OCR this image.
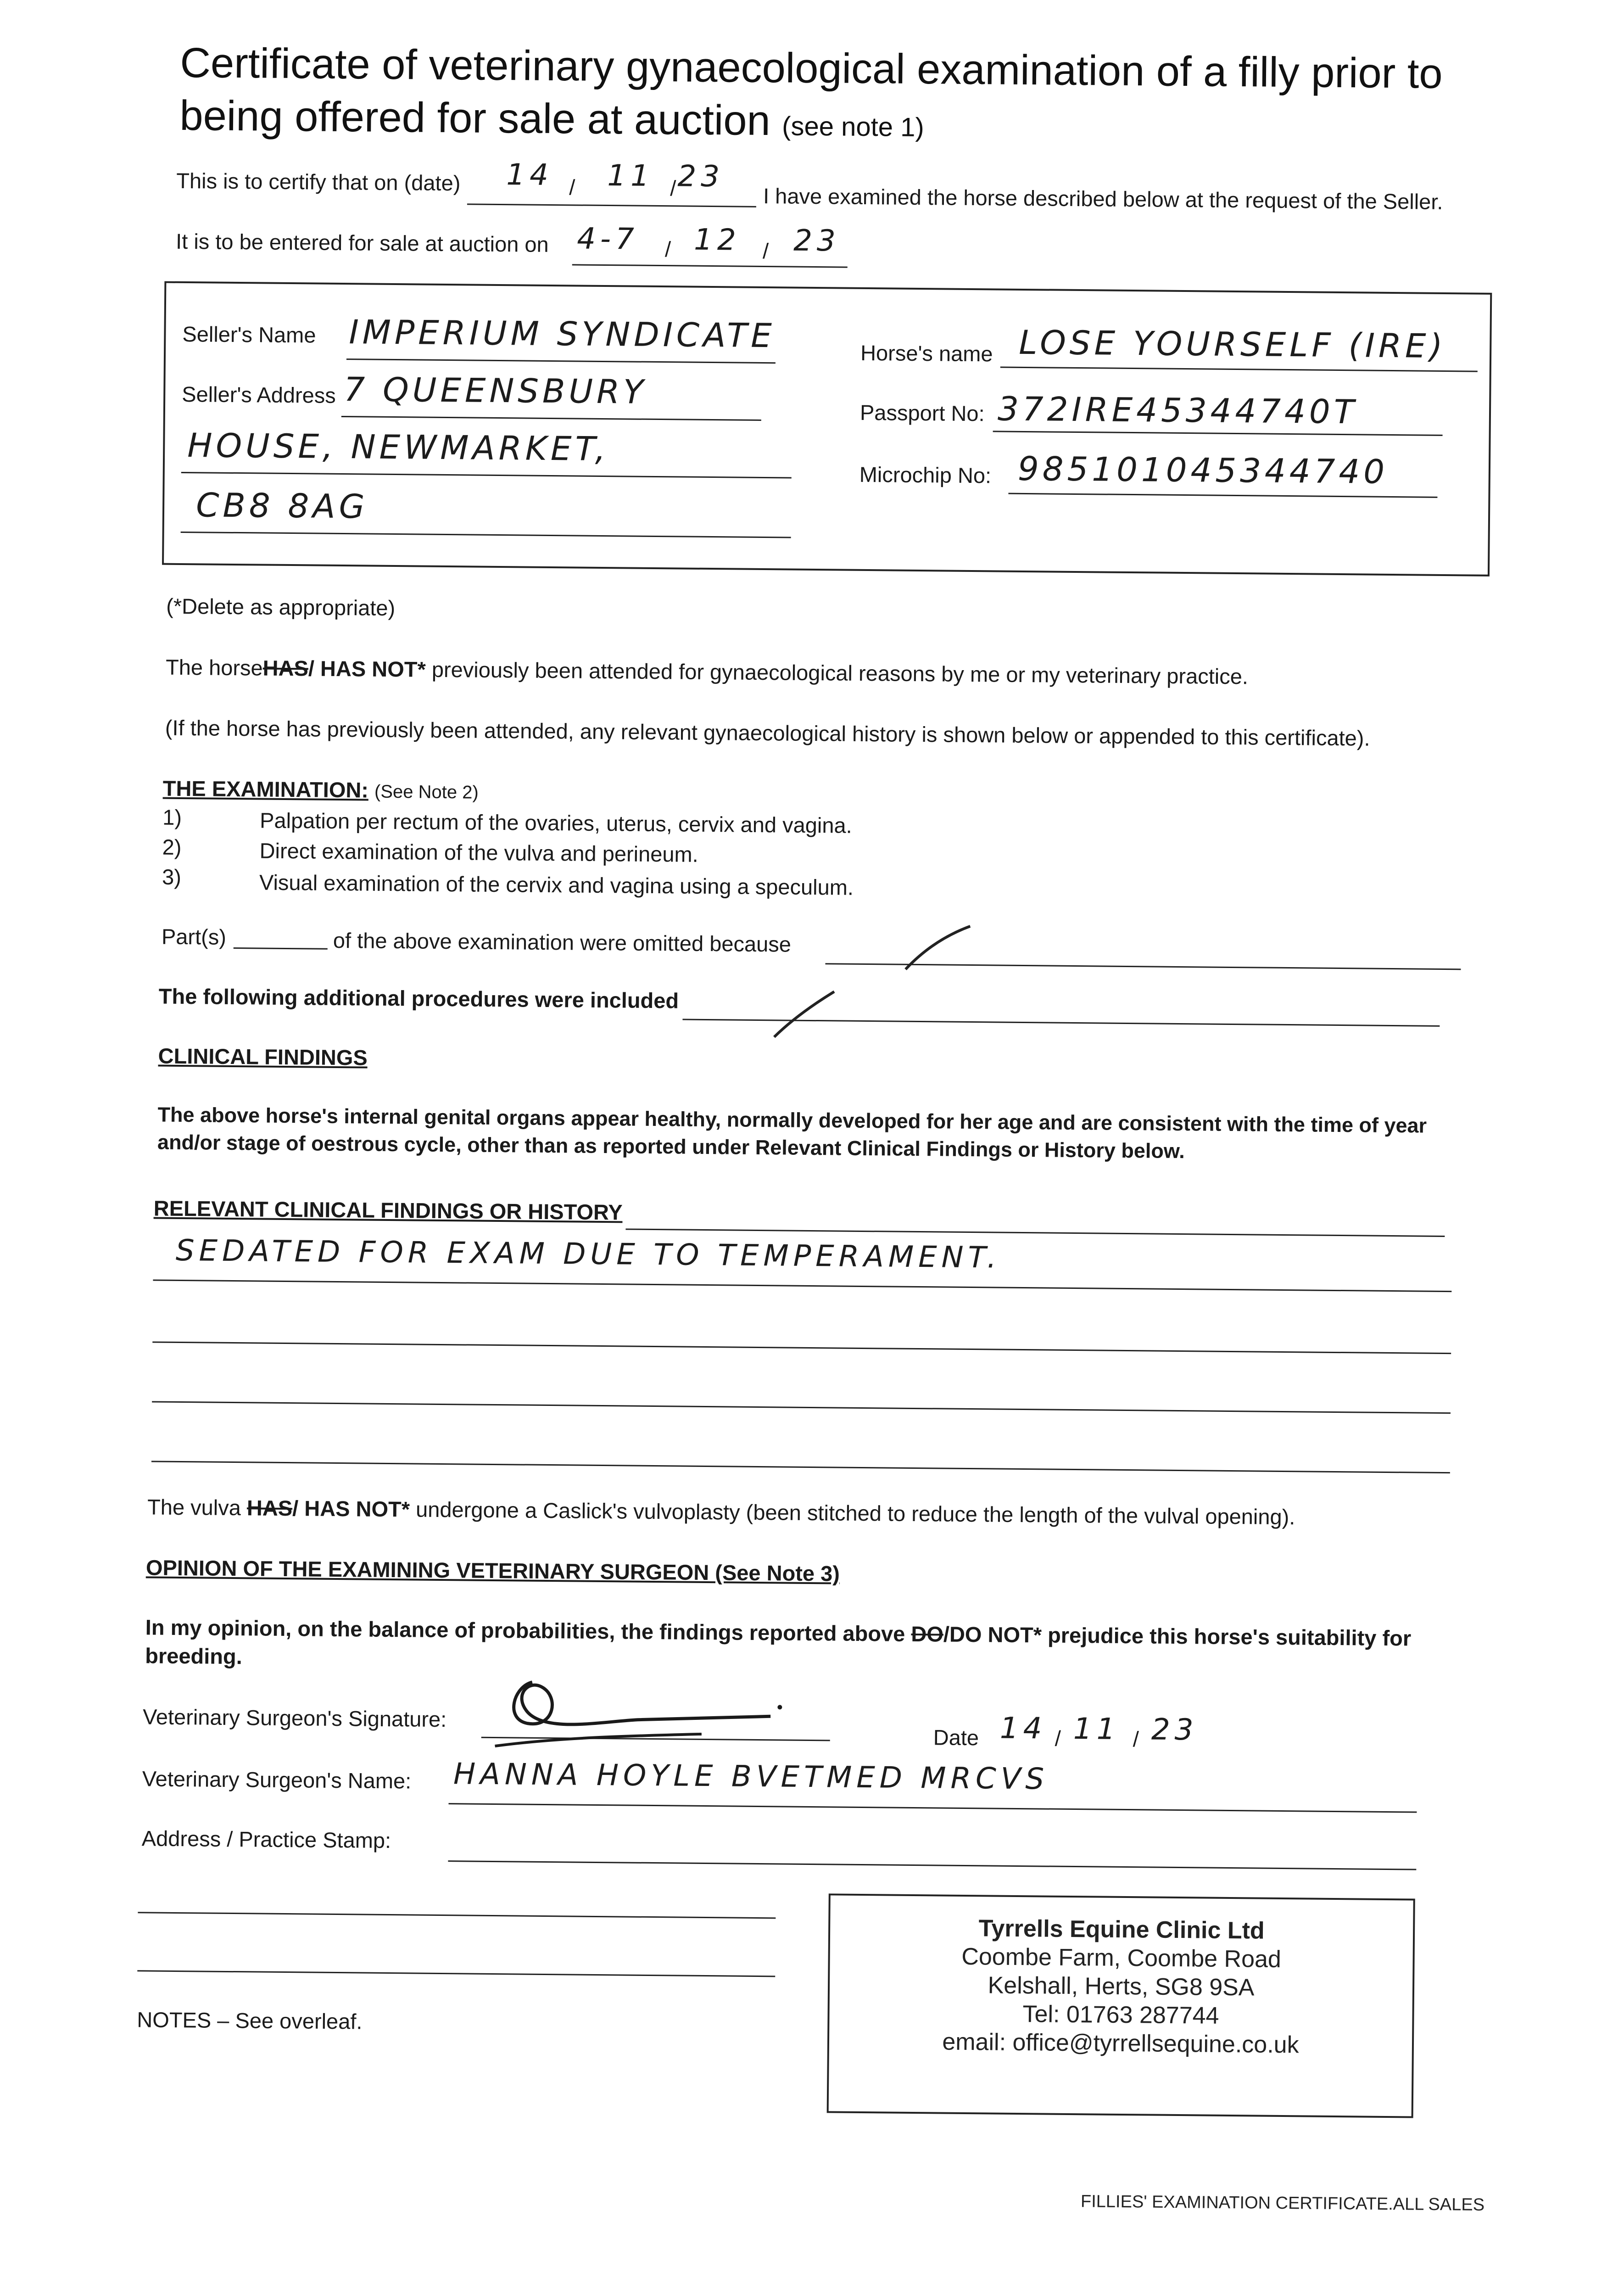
Certificate of veterinary gynaecological examination of a filly prior to
being offered for sale at auction (see note 1)
This is to certify that on (date) 14 / 11 / 23
I have examined the horse described below at the request of the Seller.
It is to be entered for sale at auction on 4-7 / 12 / 23
Seller's Name IMPERIUM SYNDICATE
Seller's Address 7 QUEENSBURY
HOUSE, NEWMARKET,
CB8 8AG
Horse's name LOSE YOURSELF (IRE)
Passport No: 372IRE45344740T
Microchip No: 985101045344740
(*Delete as appropriate)
The horseHAS/ HAS NOT* previously been attended for gynaecological reasons by me or my veterinary practice.
(If the horse has previously been attended, any relevant gynaecological history is shown below or appended to this certificate).
THE EXAMINATION: (See Note 2)
1)	Palpation per rectum of the ovaries, uterus, cervix and vagina.
2)	Direct examination of the vulva and perineum.
3)	Visual examination of the cervix and vagina using a speculum.
Part(s)	of the above examination were omitted because
The following additional procedures were included
CLINICAL FINDINGS
The above horse's internal genital organs appear healthy, normally developed for her age and are consistent with the time of year
and/or stage of oestrous cycle, other than as reported under Relevant Clinical Findings or History below.
RELEVANT CLINICAL FINDINGS OR HISTORY
SEDATED FOR EXAM DUE TO TEMPERAMENT.
The vulva HAS/ HAS NOT* undergone a Caslick's vulvoplasty (been stitched to reduce the length of the vulval opening).
OPINION OF THE EXAMINING VETERINARY SURGEON (See Note 3)
In my opinion, on the balance of probabilities, the findings reported above DO/DO NOT* prejudice this horse's suitability for
breeding.
Veterinary Surgeon's Signature:
Date 14 / 11 / 23
Veterinary Surgeon's Name: HANNA HOYLE BVETMED MRCVS
Address / Practice Stamp:
Tyrrells Equine Clinic Ltd
Coombe Farm, Coombe Road
Kelshall, Herts, SG8 9SA
Tel: 01763 287744
email: office@tyrrellsequine.co.uk
NOTES – See overleaf.
FILLIES' EXAMINATION CERTIFICATE.ALL SALES
